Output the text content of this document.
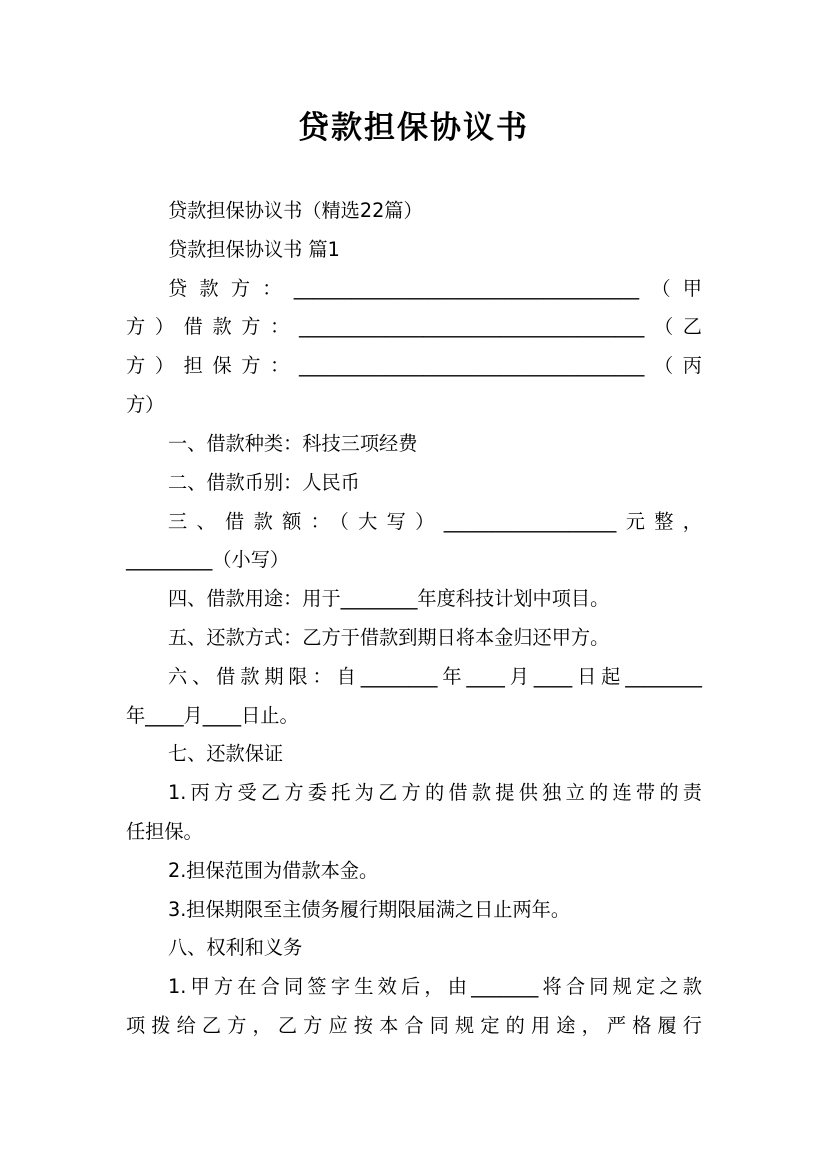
贷款担保协议书
贷款担保协议书（精选22篇）
贷款担保协议书 篇1
贷款方：____________________________________（甲
方）借款方：____________________________________（乙
方）担保方：____________________________________（丙
方）
一、借款种类：科技三项经费
二、借款币别：人民币
三、借款额：（大写）__________________元整，
_________（小写）
四、借款用途：用于________年度科技计划中项目。
五、还款方式：乙方于借款到期日将本金归还甲方。
六、借款期限：自________年____月____日起________
年____月____日止。
七、还款保证
1.丙方受乙方委托为乙方的借款提供独立的连带的责
任担保。
2.担保范围为借款本金。
3.担保期限至主债务履行期限届满之日止两年。
八、权利和义务
1.甲方在合同签字生效后，由_______将合同规定之款
项拨给乙方，乙方应按本合同规定的用途，严格履行
